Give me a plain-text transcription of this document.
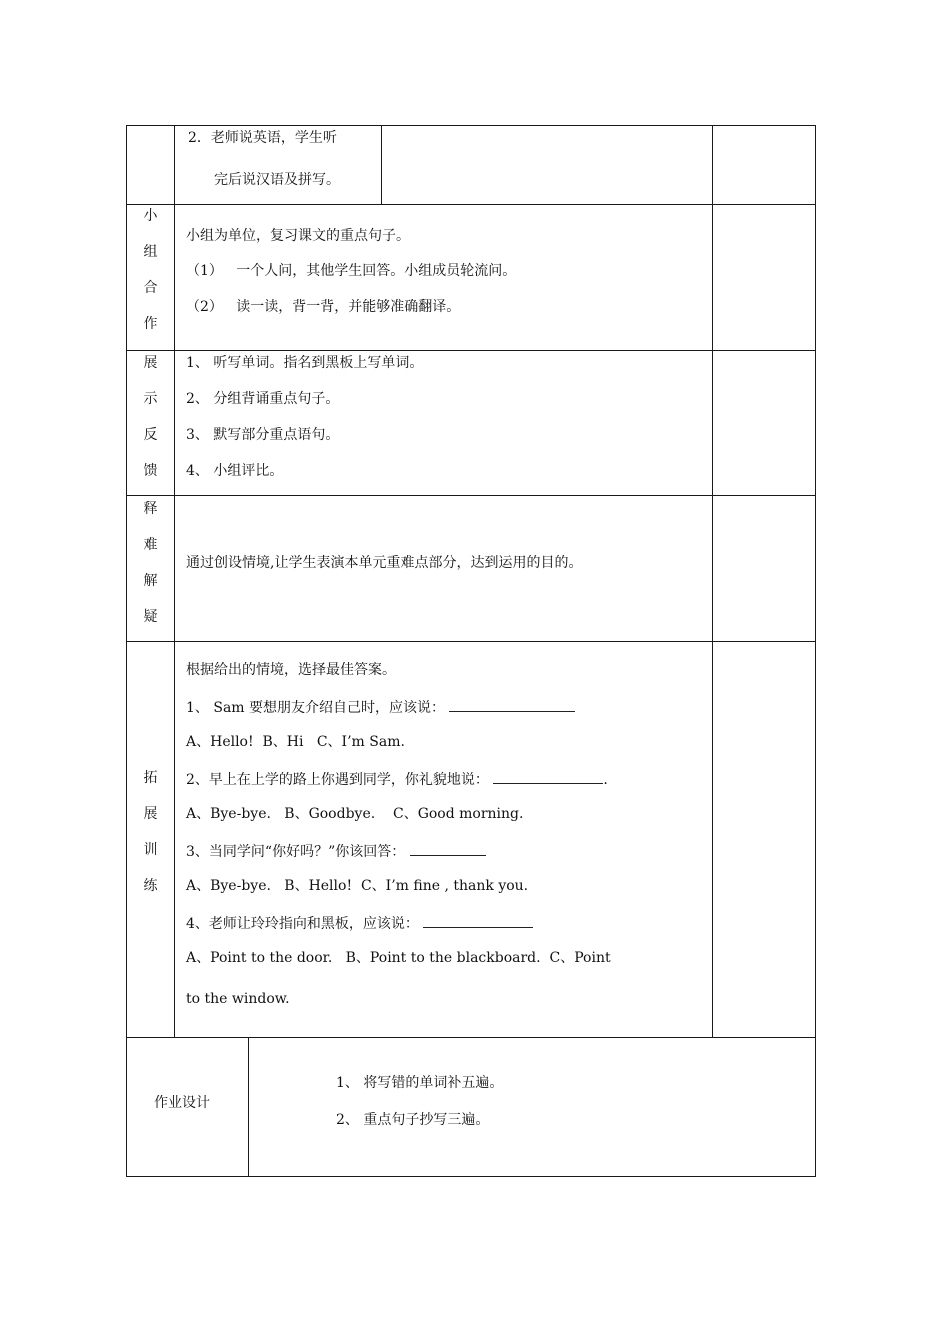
2．老师说英语，学生听
完后说汉语及拼写。
小
组
合
作
小组为单位，复习课文的重点句子。
（1）   一个人问，其他学生回答。小组成员轮流问。
（2）   读一读，背一背，并能够准确翻译。
展
示
反
馈
1、 听写单词。指名到黑板上写单词。
2、 分组背诵重点句子。
3、 默写部分重点语句。
4、 小组评比。
释
难
解
疑
通过创设情境,让学生表演本单元重难点部分，达到运用的目的。
拓
展
训
练
根据给出的情境，选择最佳答案。
1、 Sam 要想朋友介绍自己时，应该说：
A、Hello!  B、Hi   C、I’m Sam.
2、早上在上学的路上你遇到同学，你礼貌地说：	.
A、Bye-bye.   B、Goodbye.    C、Good morning.
3、当同学问“你好吗？”你该回答：
A、Bye-bye.   B、Hello!  C、I’m fine , thank you.
4、老师让玲玲指向和黑板，应该说：
A、Point to the door.   B、Point to the blackboard.  C、Point
to the window.
作业设计
1、 将写错的单词补五遍。
2、 重点句子抄写三遍。
